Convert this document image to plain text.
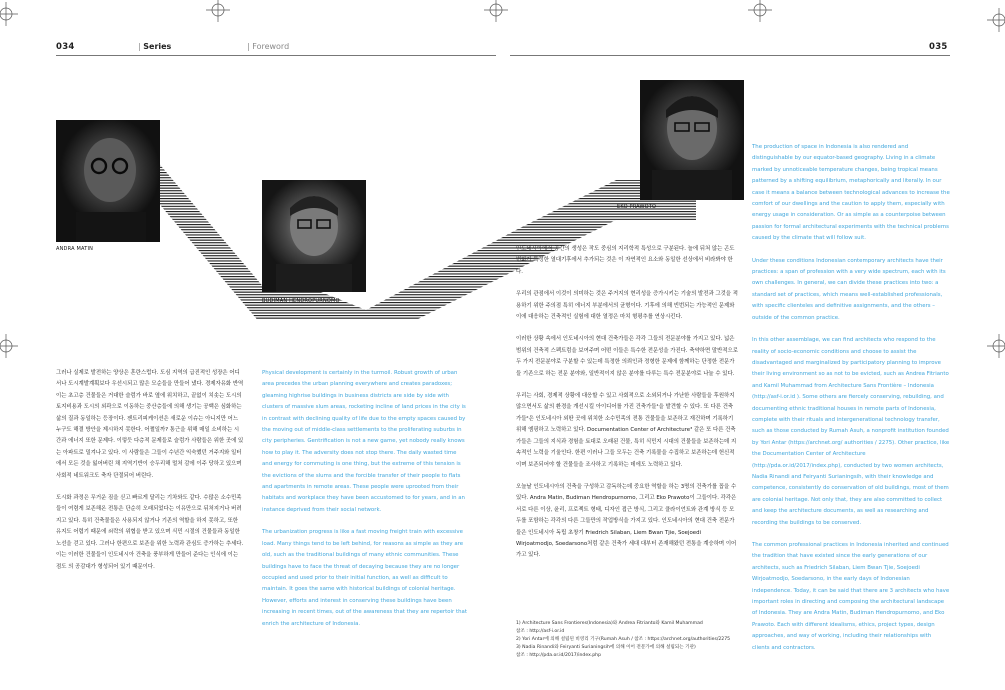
034	| Series	| Foreword	035
ANDRA MATIN
BUDIMAN HENDROPURNOMO
EKO PRAWOTO

그러나 실제로 발전하는 양상은 혼란스럽다. 도심 지역의 급진적인 성장은 어디서나 도시계발계획보다 우선시되고 많은 모순들을 만들어 냈다. 경제자유화 반역이는 초고층 건물들은 거대한 슬럼가 바로 옆에 위치하고, 끝없이 치솟는 도시의 토지비용과 도시의 외곽으로 이동하는 중산층들에 의해 생기는 공백은 심화하는 삶의 질과 동일하는 등장이다. 젠트리피케이션은 새로운 이슈는 아니지만 어느 누구도 해결 방안을 제시하지 못한다. 어쩔일까? 통근을 위해 매일 소비하는 시간과 에너지 또한 문제다. 이렇듯 다층적 문제들로 슬럼가 사람들은 위한 곳에 있는 아파트로 밀겨나고 있다. 이 사람들은 그들이 수년간 익숙했던 거주지와 일터에서 모든 것을 잃어버린 채 지역기반이 승두리해 멀처 감에 이주 당하고 있으며 사회적 네트워크도 축자 단절되어 버린다.

도시화 과정은 무거운 짐을 싣고 빠르게 달리는 기차와도 같다. 수많은 소수민족들이 여렴게 보존해온 전통은 단순히 오래되었다는 이유만으로 뒤처지거나 버려지고 있다. 특히 건축물들은 사용되지 않거나 기존의 역할을 하지 못하고, 또한 유지도 어렵기 때문에 쇠락의 위협을 받고 있으며 식민 시절의 건물들과 동일한 노선을 걷고 있다. 그러나 한편으로 보존을 위한 노력과 관심도 증가하는 추세다. 이는 이러한 건물들이 인도네시아 건축을 풍부하게 만들어 준다는 인식에 이는 점도 의 공감대가 형성되어 있기 때문이다.

Physical development is certainly in the turmoil. Robust growth of urban area precedes the urban planning everywhere and creates paradoxes; gleaming highrise buildings in business districts are side by side with clusters of massive slum areas, rocketing incline of land prices in the city is in contrast with declining quality of life due to the empty spaces caused by the moving out of middle-class settlements to the proliferating suburbs in city peripheries. Gentrification is not a new game, yet nobody really knows how to play it. The adversity does not stop there. The daily wasted time and energy for commuting is one thing, but the extreme of this tension is the evictions of the slums and the forcible transfer of their people to flats and apartments in remote areas. These people were uprooted from their habitats and workplace they have been accustomed to for years, and in an instance deprived from their social network.

The urbanization progress is like a fast moving freight train with excessive load. Many things tend to be left behind, for reasons as simple as they are old, such as the traditional buildings of many ethnic communities. These buildings have to face the threat of decaying because they are no longer occupied and used prior to their initial function, as well as difficult to maintain. It goes the same with historical buildings of colonial heritage. However, efforts and interest in conserving these buildings have been increasing in recent times, out of the awareness that they are repertoir that enrich the architecture of Indonesia.

인도네시아에서 공간의 생성은 작도 중심의 지리학적 특성으로 구분된다. 늘에 뒤쳐 않는 곤도 변화가 특정한 열대기후에서 추가되는 것은 이 자연적인 요소와 동일한 선상에서 비라봐야 한다.

우리의 관점에서 이것이 의미하는 것은 주거지의 현리성을 증가시키는 기술의 발전과 그것을 적용하기 위한 주의점 특히 에너지 부분에서의 균형이다. 기후에 의해 빈번되는 가능적인 문제와 이에 대응하는 건축적인 실험에 대한 열정은 마치 형평추를 연상시킨다.

이러한 상황 속에서 인도네시아의 현대 건축가들은 각각 그들의 전문분야를 가지고 있다. 넓은 범위의 건축적 스펙트럼을 보여주며 어떤 이들은 특수한 전문성을 가진다. 축약하면 말반적으로 두 가지 전문분야로 구분할 수 있는데 특정한 의뢰인과 정형한 문제에 함께하는 단정한 전문가들 기존으로 하는 전문 분야와, 일반적이지 않은 분야를 다루는 특수 전문분야로 나눌 수 있다.

우리는 사회, 경제적 상황에 대응할 수 있고 사회적으로 소외되거나 가난한 사람들을 후원하지 않으면서도 삶의 환경을 개선시킬 아이디어를 가진 건축가들¹을 발견할 수 있다. 또 다른 건축가들²은 인도네시아 외딴 곳에 위치한 소수민족의 전통 건물들을 보존하고 재건하며 기록하기 위해 엠핑하고 노력하고 있다. Documentation Center of Architecture³ 같은 또 다른 건축가들은 그들의 지식과 경험을 토대로 오래된 건물, 특히 식민지 시대의 건물들을 보존하는데 지속적인 노력을 기울인다. 한편 이러나 그들 모두는 건축 기록물을 수집하고 보존하는데 헌신적이며 보존되어야 할 건물들을 조사하고 기록하는 데에도 노력하고 있다.

오늘날 인도네시아의 건축을 구성하고 감독하는데 중요한 역할을 하는 3명의 건축가를 꼽을 수 있다. Andra Matin, Budiman Hendropurnomo, 그리고 Eko Prawoto이 그들이다. 각각은 서로 다른 이상, 윤리, 프로젝트 형태, 디자인 접근 방식, 그리고 클라이언트와 관계 방식 등 모두를 포함하는 각각의 다른 그들만의 작업방식을 가지고 있다. 인도네시아의 현대 건축 전문가들은 인도네시아 독립 초창기 Friedrich Silaban, Liem Bwan Tjie, Soejoedi Wirjoatmodjo, Soedarsono처럼 같은 건축가 세대 대부터 존재해왔던 전통을 계승하며 이어가고 있다.

1) Architecture Sans Frontieres(Indonesia)와 Andrea Fitrianto와 Kamil Muhammad
참조 : http://asf-i.or.id
2) Yori Antar에 의해 설립된 비영리 기구(Rumah Asuh / 참조 : https://archnet.org/authorities/2275
3) Nadia Rinandi와 Feiryanti Surianingsih에 의해 이어 전문가에 의해 설립되는 기관)
참조 : http://pda.or.id/2017/index.php

The production of space in Indonesia is also rendered and distinguishable by our equator-based geography. Living in a climate marked by unnoticeable temperature changes, being tropical means patterned by a shifting equilibrium, metaphorically and literally. In our case it means a balance between technological advances to increase the comfort of our dwellings and the caution to apply them, especially with energy usage in consideration. Or as simple as a counterpoise between passion for formal architectural experiments with the technical problems caused by the climate that will follow suit.

Under these conditions Indonesian contemporary architects have their practices: a span of profession with a very wide spectrum, each with its own challenges. In general, we can divide these practices into two: a standard set of practices, which means well-established professionals, with specific clienteles and definitive assignments, and the others – outside of the common practice.

In this other assemblage, we can find architects who respond to the reality of socio-economic conditions and choose to assist the disadvantaged and marginalized by participatory planning to improve their living environment so as not to be evicted, such as Andrea Fitrianto and Kamil Muhammad from Architecture Sans Frontière – Indonesia (http://asf-i.or.id ). Some others are fiercely conserving, rebuilding, and documenting ethnic traditional houses in remote parts of Indonesia, complete with their rituals and intergenerational technology transfer, such as those conducted by Rumah Asuh, a nonprofit institution founded by Yori Antar (https://archnet.org/ authorities / 2275). Other practice, like the Documentation Center of Architecture (http://pda.or.id/2017/index.php), conducted by two women architects, Nadia Rinandi and Feiryanti Surianingsih, with their knowledge and competence, consistently do conservation of old buildings, most of them are colonial heritage. Not only that, they are also committed to collect and keep the architecture documents, as well as researching and recording the buildings to be conserved.

The common professional practices in Indonesia inherited and continued the tradition that have existed since the early generations of our architects, such as Friedrich Silaban, Liem Bwan Tjie, Soejoedi Wirjoatmodjo, Soedarsono, in the early days of Indonesian independence. Today, it can be said that there are 3 architects who have important roles in directing and composing the architectural landscape of Indonesia. They are Andra Matin, Budiman Hendropurnomo, and Eko Prawoto. Each with different idealisms, ethics, project types, design approaches, and way of working, including their relationships with clients and contractors.
